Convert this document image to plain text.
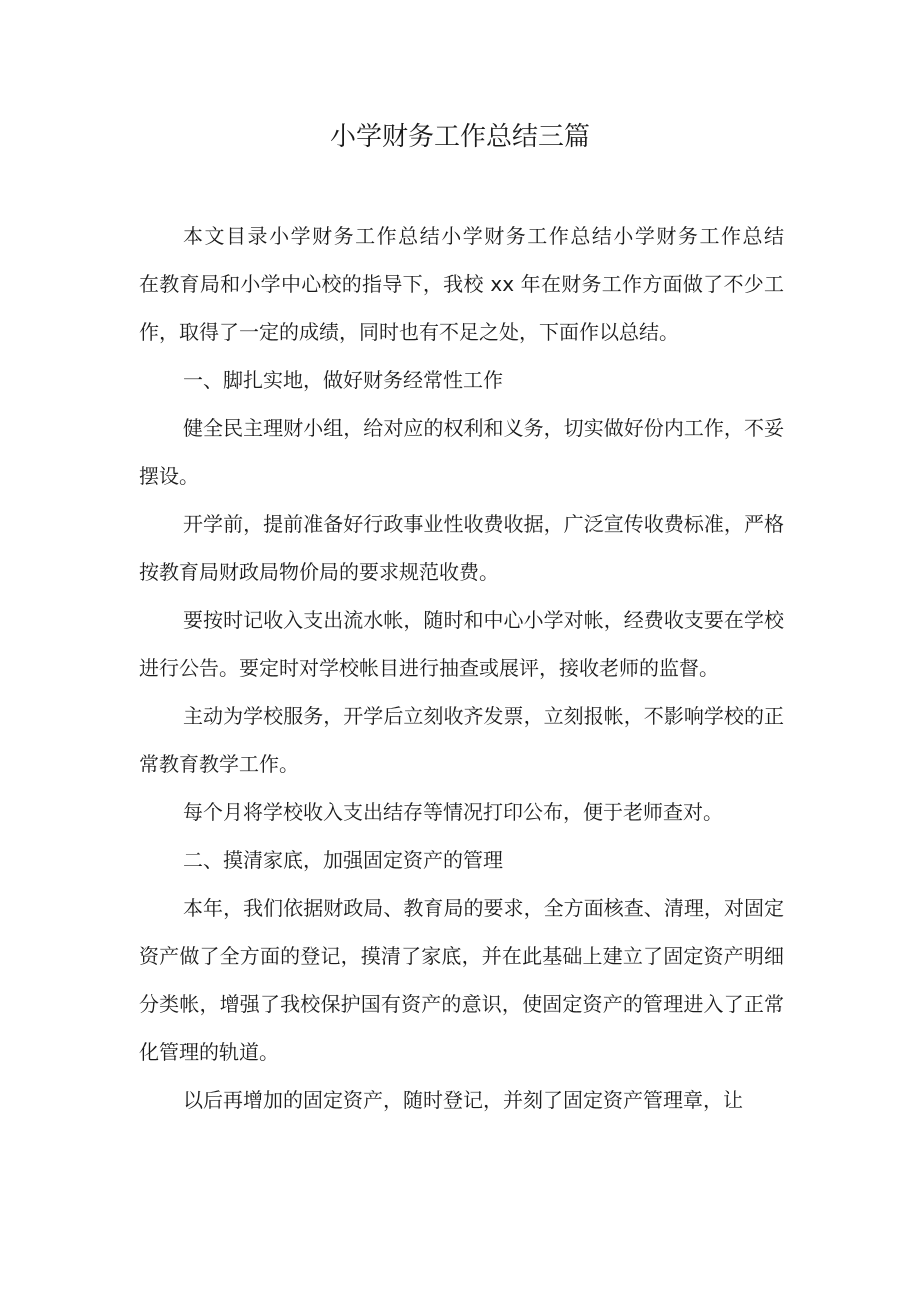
小学财务工作总结三篇

本文目录小学财务工作总结小学财务工作总结小学财务工作总结　　在教育局和小学中心校的指导下，我校 xx 年在财务工作方面做了不少工作，取得了一定的成绩，同时也有不足之处，下面作以总结。

一、脚扎实地，做好财务经常性工作

健全民主理财小组，给对应的权利和义务，切实做好份内工作，不妥摆设。

开学前，提前准备好行政事业性收费收据，广泛宣传收费标准，严格按教育局财政局物价局的要求规范收费。

要按时记收入支出流水帐，随时和中心小学对帐，经费收支要在学校进行公告。要定时对学校帐目进行抽查或展评，接收老师的监督。

主动为学校服务，开学后立刻收齐发票，立刻报帐，不影响学校的正常教育教学工作。

每个月将学校收入支出结存等情况打印公布，便于老师查对。

二、摸清家底，加强固定资产的管理

本年，我们依据财政局、教育局的要求，全方面核查、清理，对固定资产做了全方面的登记，摸清了家底，并在此基础上建立了固定资产明细分类帐，增强了我校保护国有资产的意识，使固定资产的管理进入了正常化管理的轨道。

以后再增加的固定资产，随时登记，并刻了固定资产管理章，让
